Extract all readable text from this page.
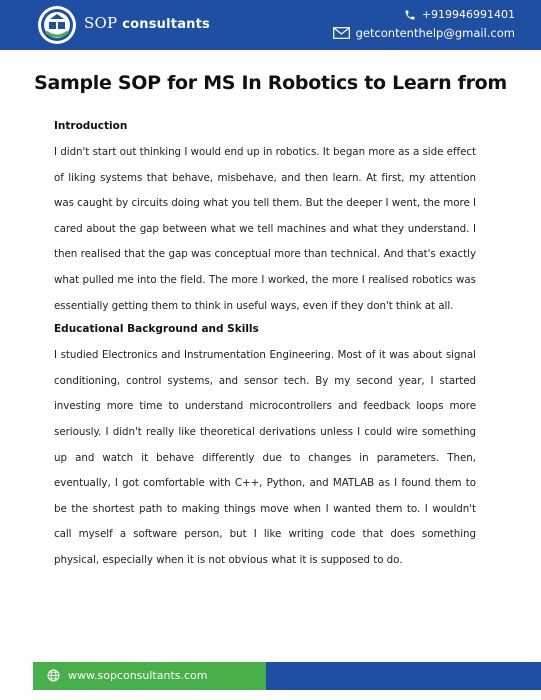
SOP consultants
+919946991401
getcontenthelp@gmail.com
Sample SOP for MS In Robotics to Learn from
Introduction

I didn't start out thinking I would end up in robotics. It began more as a side effect of liking systems that behave, misbehave, and then learn. At first, my attention was caught by circuits doing what you tell them. But the deeper I went, the more I cared about the gap between what we tell machines and what they understand. I then realised that the gap was conceptual more than technical. And that's exactly what pulled me into the field. The more I worked, the more I realised robotics was essentially getting them to think in useful ways, even if they don't think at all.

Educational Background and Skills

I studied Electronics and Instrumentation Engineering. Most of it was about signal conditioning, control systems, and sensor tech. By my second year, I started investing more time to understand microcontrollers and feedback loops more seriously. I didn't really like theoretical derivations unless I could wire something up and watch it behave differently due to changes in parameters. Then, eventually, I got comfortable with C++, Python, and MATLAB as I found them to be the shortest path to making things move when I wanted them to. I wouldn't call myself a software person, but I like writing code that does something physical, especially when it is not obvious what it is supposed to do.

www.sopconsultants.com
